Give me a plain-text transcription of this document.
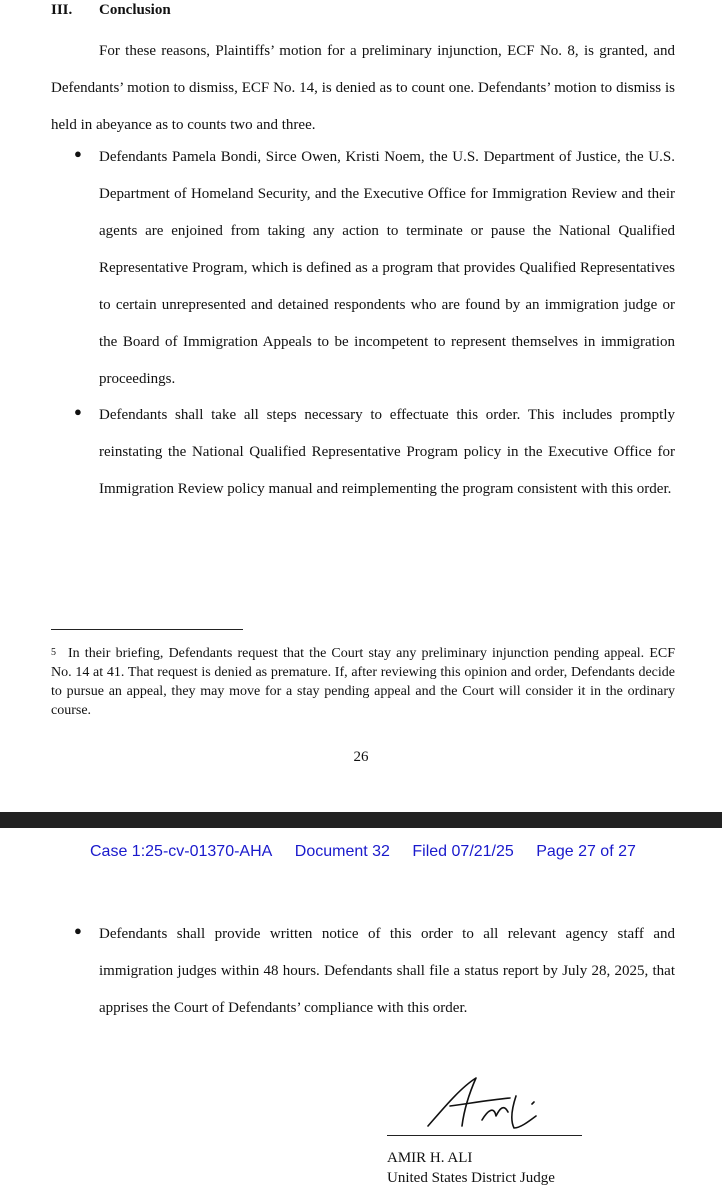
III. Conclusion

For these reasons, Plaintiffs’ motion for a preliminary injunction, ECF No. 8, is granted, and Defendants’ motion to dismiss, ECF No. 14, is denied as to count one. Defendants’ motion to dismiss is held in abeyance as to counts two and three.

● Defendants Pamela Bondi, Sirce Owen, Kristi Noem, the U.S. Department of Justice, the U.S. Department of Homeland Security, and the Executive Office for Immigration Review and their agents are enjoined from taking any action to terminate or pause the National Qualified Representative Program, which is defined as a program that provides Qualified Representatives to certain unrepresented and detained respondents who are found by an immigration judge or the Board of Immigration Appeals to be incompetent to represent themselves in immigration proceedings.

● Defendants shall take all steps necessary to effectuate this order. This includes promptly reinstating the National Qualified Representative Program policy in the Executive Office for Immigration Review policy manual and reimplementing the program consistent with this order.

$^5$ In their briefing, Defendants request that the Court stay any preliminary injunction pending appeal. ECF No. 14 at 41. That request is denied as premature. If, after reviewing this opinion and order, Defendants decide to pursue an appeal, they may move for a stay pending appeal and the Court will consider it in the ordinary course.

26
Case 1:25-cv-01370-AHA Document 32 Filed 07/21/25 Page 27 of 27
● Defendants shall provide written notice of this order to all relevant agency staff and immigration judges within 48 hours. Defendants shall file a status report by July 28, 2025, that apprises the Court of Defendants’ compliance with this order.

AMIR H. ALI
United States District Judge
